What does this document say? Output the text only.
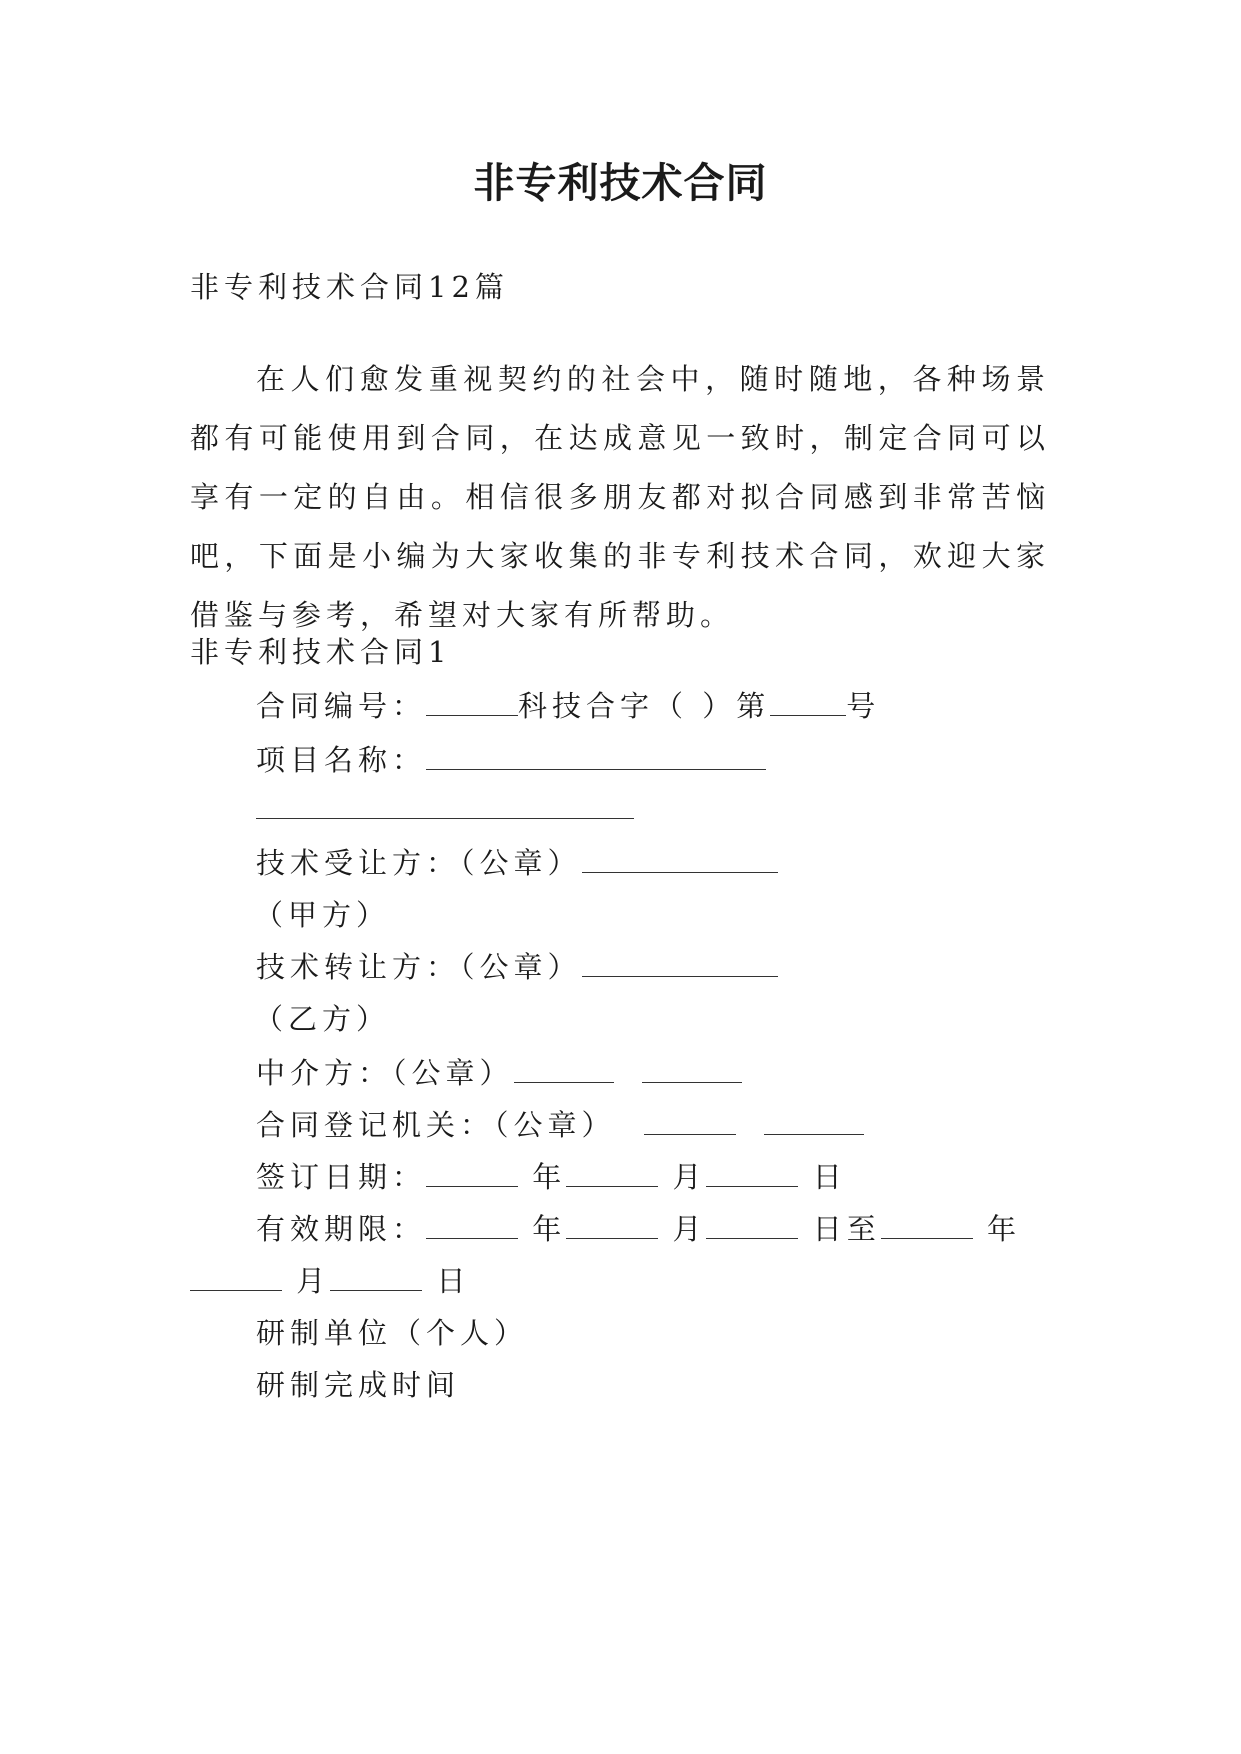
非专利技术合同
非专利技术合同12篇

在人们愈发重视契约的社会中，随时随地，各种场景都有可能使用到合同，在达成意见一致时，制定合同可以享有一定的自由。相信很多朋友都对拟合同感到非常苦恼吧，下面是小编为大家收集的非专利技术合同，欢迎大家借鉴与参考，希望对大家有所帮助。

非专利技术合同1
合同编号：	科技合字（ ）第	号
项目名称：
技术受让方：（公章）
（甲方）
技术转让方：（公章）
（乙方）
中介方：（公章）
合同登记机关：（公章）
签订日期：	年	月	日
有效期限：	年	月	日至	年
月	日
研制单位（个人）
研制完成时间
